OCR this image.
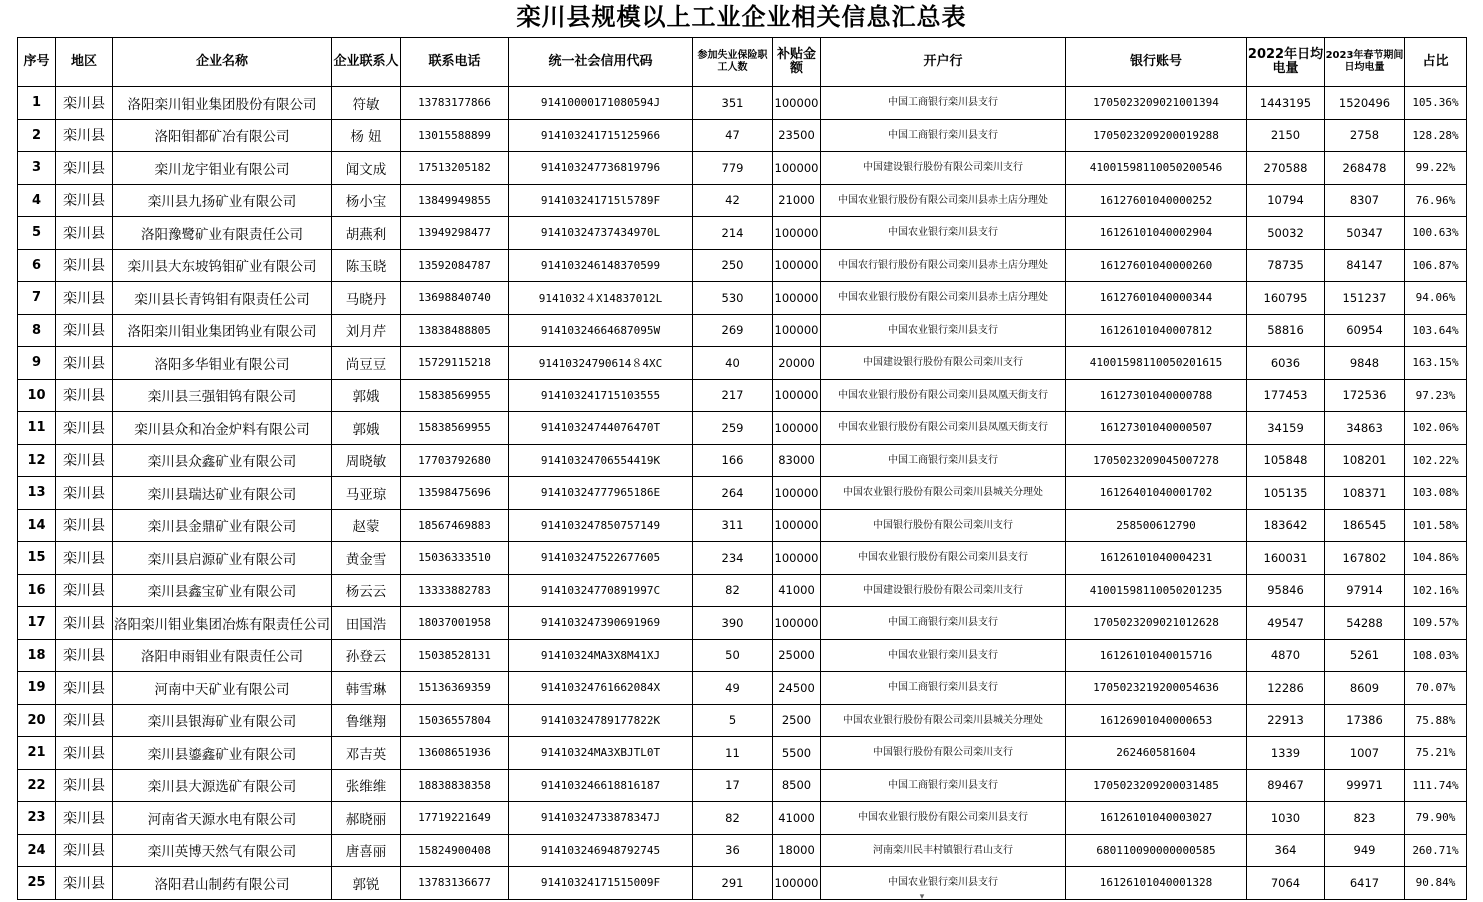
栾川县规模以上工业企业相关信息汇总表
序号	地区	企业名称	企业联系人	联系电话	统一社会信用代码	参加失业保险职工人数	补贴金额	开户行	银行账号	2022年日均电量	2023年春节期间日均电量	占比
1	栾川县	洛阳栾川钼业集团股份有限公司	符敏	13783177866	91410000171080594J	351	100000	中国工商银行栾川县支行	1705023209021001394	1443195	1520496	105.36%
2	栾川县	洛阳钼都矿冶有限公司	杨 妞	13015588899	914103241715125966	47	23500	中国工商银行栾川县支行	1705023209200019288	2150	2758	128.28%
3	栾川县	栾川龙宇钼业有限公司	闻文成	17513205182	914103247736819796	779	100000	中国建设银行股份有限公司栾川支行	41001598110050200546	270588	268478	99.22%
4	栾川县	栾川县九扬矿业有限公司	杨小宝	13849949855	914103241715l5789F	42	21000	中国农业银行股份有限公司栾川县赤土店分理处	16127601040000252	10794	8307	76.96%
5	栾川县	洛阳豫鹭矿业有限责任公司	胡燕利	13949298477	91410324737434970L	214	100000	中国农业银行栾川县支行	16126101040002904	50032	50347	100.63%
6	栾川县	栾川县大东坡钨钼矿业有限公司	陈玉晓	13592084787	914103246148370599	250	100000	中国农行银行股份有限公司栾川县赤土店分理处	16127601040000260	78735	84147	106.87%
7	栾川县	栾川县长青钨钼有限责任公司	马晓丹	13698840740	9141032４X14837012L	530	100000	中国农业银行股份有限公司栾川县赤土店分理处	16127601040000344	160795	151237	94.06%
8	栾川县	洛阳栾川钼业集团钨业有限公司	刘月芹	13838488805	91410324664687095W	269	100000	中国农业银行栾川县支行	16126101040007812	58816	60954	103.64%
9	栾川县	洛阳多华钼业有限公司	尚豆豆	15729115218	91410324790614８4XC	40	20000	中国建设银行股份有限公司栾川支行	41001598110050201615	6036	9848	163.15%
10	栾川县	栾川县三强钼钨有限公司	郭娥	15838569955	914103241715103555	217	100000	中国农业银行股份有限公司栾川县凤凰天街支行	16127301040000788	177453	172536	97.23%
11	栾川县	栾川县众和冶金炉料有限公司	郭娥	15838569955	91410324744076470T	259	100000	中国农业银行股份有限公司栾川县凤凰天街支行	16127301040000507	34159	34863	102.06%
12	栾川县	栾川县众鑫矿业有限公司	周晓敏	17703792680	91410324706554419K	166	83000	中国工商银行栾川县支行	1705023209045007278	105848	108201	102.22%
13	栾川县	栾川县瑞达矿业有限公司	马亚琼	13598475696	91410324777965186E	264	100000	中国农业银行股份有限公司栾川县城关分理处	16126401040001702	105135	108371	103.08%
14	栾川县	栾川县金鼎矿业有限公司	赵蒙	18567469883	914103247850757149	311	100000	中国银行股份有限公司栾川支行	258500612790	183642	186545	101.58%
15	栾川县	栾川县启源矿业有限公司	黄金雪	15036333510	914103247522677605	234	100000	中国农业银行股份有限公司栾川县支行	16126101040004231	160031	167802	104.86%
16	栾川县	栾川县鑫宝矿业有限公司	杨云云	13333882783	91410324770891997C	82	41000	中国建设银行股份有限公司栾川支行	41001598110050201235	95846	97914	102.16%
17	栾川县	洛阳栾川钼业集团冶炼有限责任公司	田国浩	18037001958	914103247390691969	390	100000	中国工商银行栾川县支行	1705023209021012628	49547	54288	109.57%
18	栾川县	洛阳申雨钼业有限责任公司	孙登云	15038528131	91410324MA3X8M41XJ	50	25000	中国农业银行栾川县支行	16126101040015716	4870	5261	108.03%
19	栾川县	河南中天矿业有限公司	韩雪琳	15136369359	91410324761662084X	49	24500	中国工商银行栾川县支行	1705023219200054636	12286	8609	70.07%
20	栾川县	栾川县银海矿业有限公司	鲁继翔	15036557804	91410324789177822K	5	2500	中国农业银行股份有限公司栾川县城关分理处	16126901040000653	22913	17386	75.88%
21	栾川县	栾川县鎏鑫矿业有限公司	邓吉英	13608651936	91410324MA3XBJTL0T	11	5500	中国银行股份有限公司栾川支行	262460581604	1339	1007	75.21%
22	栾川县	栾川县大源选矿有限公司	张维维	18838838358	914103246618816187	17	8500	中国工商银行栾川县支行	1705023209200031485	89467	99971	111.74%
23	栾川县	河南省天源水电有限公司	郝晓丽	17719221649	91410324733878347J	82	41000	中国农业银行股份有限公司栾川县支行	16126101040003027	1030	823	79.90%
24	栾川县	栾川英博天然气有限公司	唐喜丽	15824900408	914103246948792745	36	18000	河南栾川民丰村镇银行君山支行	680110090000000585	364	949	260.71%
25	栾川县	洛阳君山制药有限公司	郭锐	13783136677	91410324171515009F	291	100000	中国农业银行栾川县支行	16126101040001328	7064	6417	90.84%
▾
